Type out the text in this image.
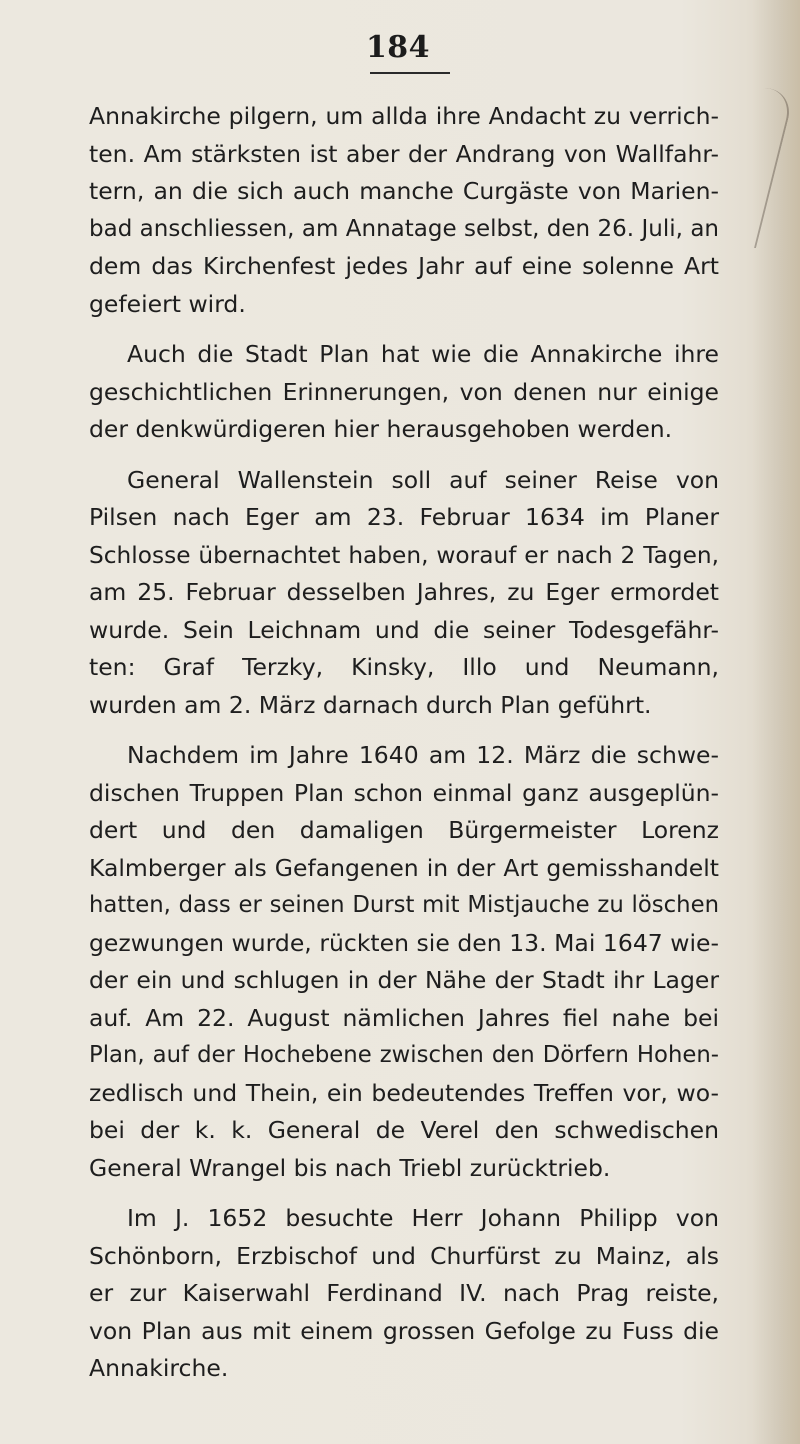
184
Annakirche pilgern, um allda ihre Andacht zu verrich-
ten. Am stärksten ist aber der Andrang von Wallfahr-
tern, an die sich auch manche Curgäste von Marien-
bad anschliessen, am Annatage selbst, den 26. Juli, an
dem das Kirchenfest jedes Jahr auf eine solenne Art
gefeiert wird.
Auch die Stadt Plan hat wie die Annakirche ihre
geschichtlichen Erinnerungen, von denen nur einige
der denkwürdigeren hier herausgehoben werden.
General Wallenstein soll auf seiner Reise von
Pilsen nach Eger am 23. Februar 1634 im Planer
Schlosse übernachtet haben, worauf er nach 2 Tagen,
am 25. Februar desselben Jahres, zu Eger ermordet
wurde. Sein Leichnam und die seiner Todesgefähr-
ten: Graf Terzky, Kinsky, Illo und Neumann,
wurden am 2. März darnach durch Plan geführt.
Nachdem im Jahre 1640 am 12. März die schwe-
dischen Truppen Plan schon einmal ganz ausgeplün-
dert und den damaligen Bürgermeister Lorenz
Kalmberger als Gefangenen in der Art gemisshandelt
hatten, dass er seinen Durst mit Mistjauche zu löschen
gezwungen wurde, rückten sie den 13. Mai 1647 wie-
der ein und schlugen in der Nähe der Stadt ihr Lager
auf. Am 22. August nämlichen Jahres fiel nahe bei
Plan, auf der Hochebene zwischen den Dörfern Hohen-
zedlisch und Thein, ein bedeutendes Treffen vor, wo-
bei der k. k. General de Verel den schwedischen
General Wrangel bis nach Triebl zurücktrieb.
Im J. 1652 besuchte Herr Johann Philipp von
Schönborn, Erzbischof und Churfürst zu Mainz, als
er zur Kaiserwahl Ferdinand IV. nach Prag reiste,
von Plan aus mit einem grossen Gefolge zu Fuss die
Annakirche.
